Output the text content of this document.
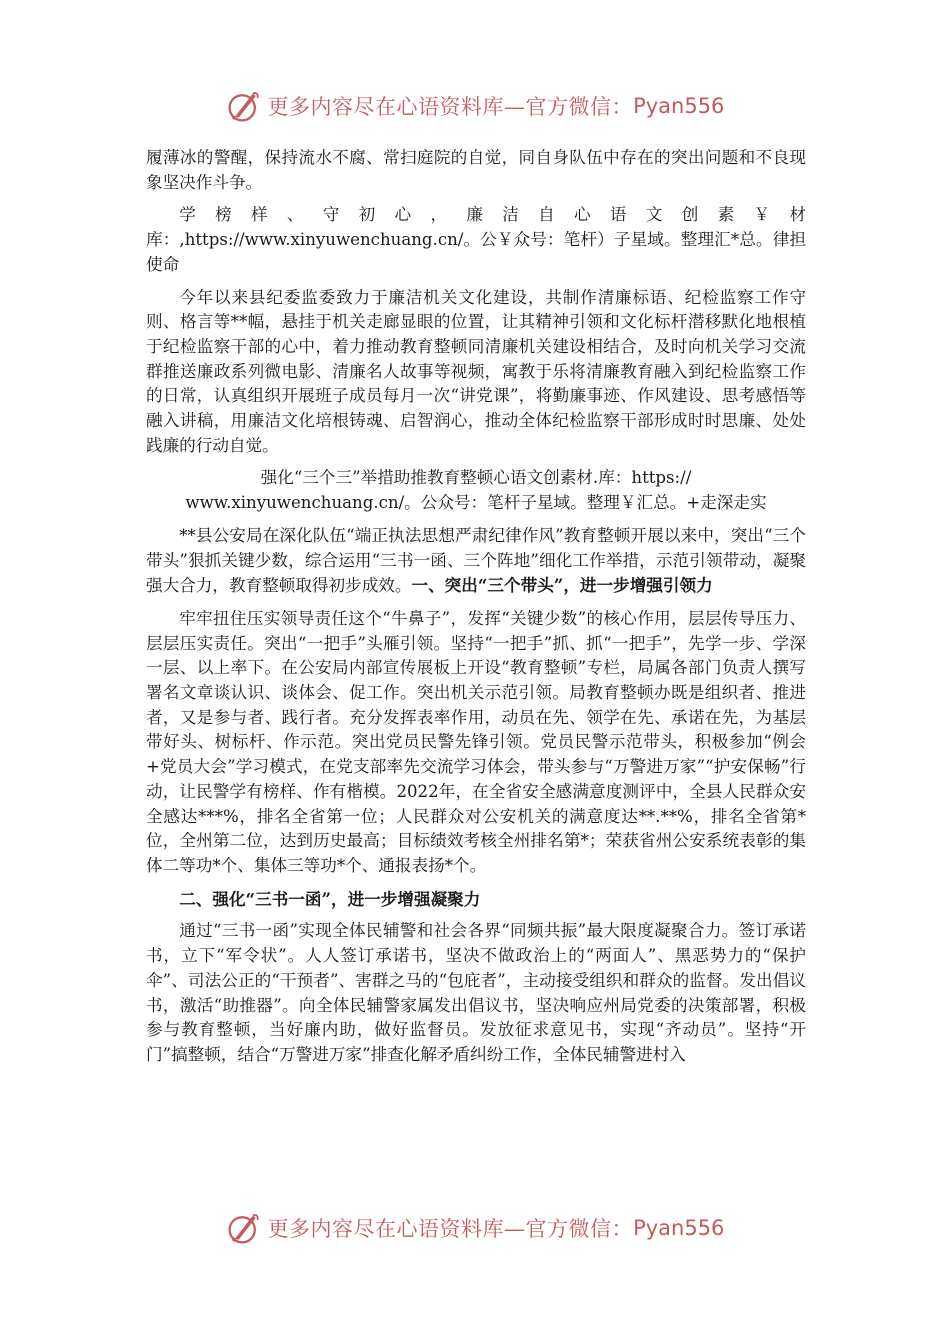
更多内容尽在心语资料库—官方微信： Pyan556

履薄冰的警醒，保持流水不腐、常扫庭院的自觉，同自身队伍中存在的突出问题和不良现象坚决作斗争。

学榜样、守初心，廉洁自心语文创素￥材库：,https://www.xinyuwenchuang.cn/。公￥众号：笔杆）子星域。整理汇*总。律担使命

今年以来县纪委监委致力于廉洁机关文化建设，共制作清廉标语、纪检监察工作守则、格言等**幅，悬挂于机关走廊显眼的位置，让其精神引领和文化标杆潜移默化地根植于纪检监察干部的心中，着力推动教育整顿同清廉机关建设相结合，及时向机关学习交流群推送廉政系列微电影、清廉名人故事等视频，寓教于乐将清廉教育融入到纪检监察工作的日常，认真组织开展班子成员每月一次“讲党课”，将勤廉事迹、作风建设、思考感悟等融入讲稿，用廉洁文化培根铸魂、启智润心，推动全体纪检监察干部形成时时思廉、处处践廉的行动自觉。

强化“三个三”举措助推教育整顿心语文创素材.库：https://

www.xinyuwenchuang.cn/。公众号：笔杆子星域。整理￥汇总。+走深走实

**县公安局在深化队伍“端正执法思想严肃纪律作风”教育整顿开展以来中，突出“三个带头”狠抓关键少数，综合运用“三书一函、三个阵地”细化工作举措，示范引领带动，凝聚强大合力，教育整顿取得初步成效。一、突出“三个带头”，进一步增强引领力

牢牢扭住压实领导责任这个“牛鼻子”，发挥“关键少数”的核心作用，层层传导压力、层层压实责任。突出“一把手”头雁引领。坚持“一把手”抓、抓“一把手”，先学一步、学深一层、以上率下。在公安局内部宣传展板上开设“教育整顿”专栏，局属各部门负责人撰写署名文章谈认识、谈体会、促工作。突出机关示范引领。局教育整顿办既是组织者、推进者，又是参与者、践行者。充分发挥表率作用，动员在先、领学在先、承诺在先，为基层带好头、树标杆、作示范。突出党员民警先锋引领。党员民警示范带头，积极参加“例会+党员大会”学习模式，在党支部率先交流学习体会，带头参与“万警进万家”“护安保畅”行动，让民警学有榜样、作有楷模。2022年，在全省安全感满意度测评中，全县人民群众安全感达***%，排名全省第一位；人民群众对公安机关的满意度达**.**%，排名全省第*位，全州第二位，达到历史最高；目标绩效考核全州排名第*；荣获省州公安系统表彰的集体二等功*个、集体三等功*个、通报表扬*个。

二、强化“三书一函”，进一步增强凝聚力

通过“三书一函”实现全体民辅警和社会各界“同频共振”最大限度凝聚合力。签订承诺书，立下“军令状”。人人签订承诺书，坚决不做政治上的“两面人”、黑恶势力的“保护伞”、司法公正的“干预者”、害群之马的“包庇者”，主动接受组织和群众的监督。发出倡议书，激活“助推器”。向全体民辅警家属发出倡议书，坚决响应州局党委的决策部署，积极参与教育整顿，当好廉内助，做好监督员。发放征求意见书，实现“齐动员”。坚持“开门”搞整顿，结合“万警进万家”排查化解矛盾纠纷工作，全体民辅警进村入

更多内容尽在心语资料库—官方微信： Pyan556
